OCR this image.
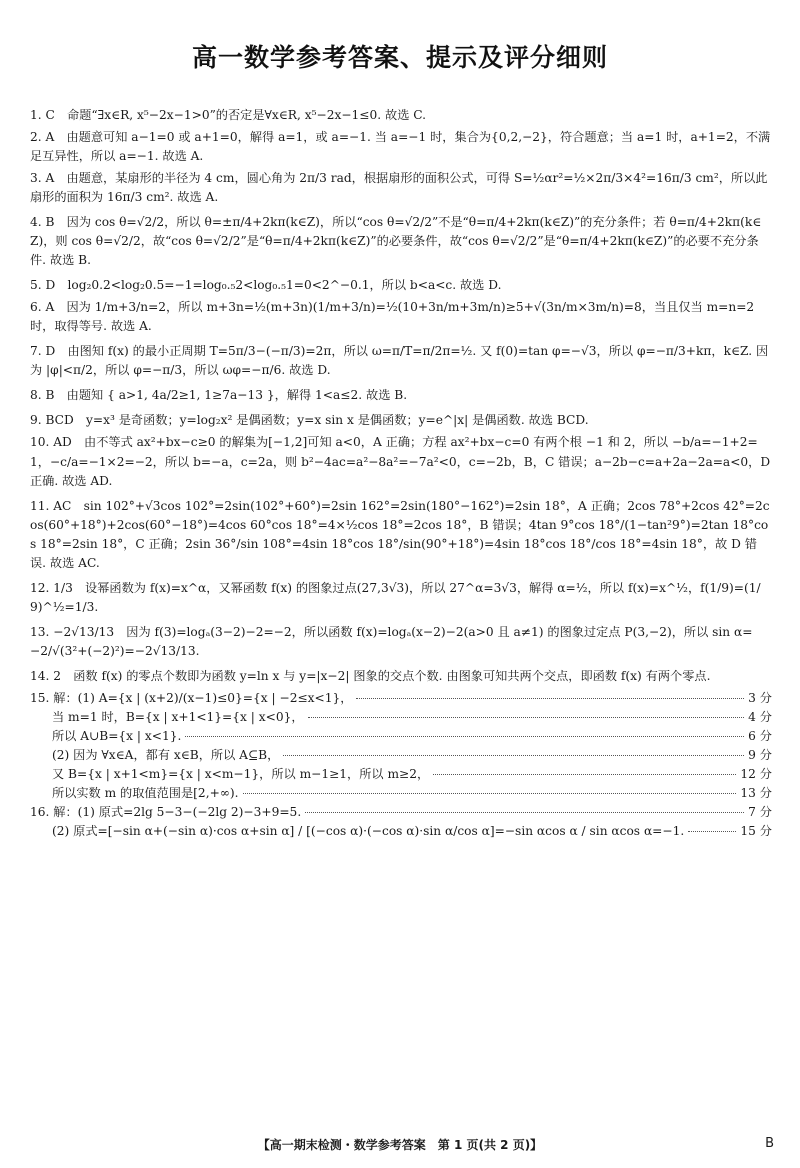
高一数学参考答案、提示及评分细则
1. C　命题“∃x∈R, x⁵−2x−1>0”的否定是∀x∈R, x⁵−2x−1≤0. 故选 C.
2. A　由题意可知 a−1=0 或 a+1=0，解得 a=1，或 a=−1. 当 a=−1 时，集合为{0,2,−2}，符合题意；当 a=1 时，a+1=2，不满足互异性，所以 a=−1. 故选 A.
3. A　由题意，某扇形的半径为 4 cm，圆心角为 2π/3 rad，根据扇形的面积公式，可得 S=½αr²=½×2π/3×4²=16π/3 cm²，所以此扇形的面积为 16π/3 cm². 故选 A.
4. B　因为 cos θ=√2/2，所以 θ=±π/4+2kπ(k∈Z)，所以“cos θ=√2/2”不是“θ=π/4+2kπ(k∈Z)”的充分条件；若 θ=π/4+2kπ(k∈Z)，则 cos θ=√2/2，故“cos θ=√2/2”是“θ=π/4+2kπ(k∈Z)”的必要条件，故“cos θ=√2/2”是“θ=π/4+2kπ(k∈Z)”的必要不充分条件. 故选 B.
5. D　log₂0.2<log₂0.5=−1=log₀.₅2<log₀.₅1=0<2^−0.1，所以 b<a<c. 故选 D.
6. A　因为 1/m+3/n=2，所以 m+3n=½(m+3n)(1/m+3/n)=½(10+3n/m+3m/n)≥5+√(3n/m×3m/n)=8，当且仅当 m=n=2 时，取得等号. 故选 A.
7. D　由图知 f(x) 的最小正周期 T=5π/3−(−π/3)=2π，所以 ω=π/T=π/2π=½. 又 f(0)=tan φ=−√3，所以 φ=−π/3+kπ，k∈Z. 因为 |φ|<π/2，所以 φ=−π/3，所以 ωφ=−π/6. 故选 D.
8. B　由题知 { a>1, 4a/2≥1, 1≥7a−13 }，解得 1<a≤2. 故选 B.
9. BCD　y=x³ 是奇函数；y=log₂x² 是偶函数；y=x sin x 是偶函数；y=e^|x| 是偶函数. 故选 BCD.
10. AD　由不等式 ax²+bx−c≥0 的解集为[−1,2]可知 a<0，A 正确；方程 ax²+bx−c=0 有两个根 −1 和 2，所以 −b/a=−1+2=1，−c/a=−1×2=−2，所以 b=−a，c=2a，则 b²−4ac=a²−8a²=−7a²<0，c=−2b，B，C 错误；a−2b−c=a+2a−2a=a<0，D 正确. 故选 AD.
11. AC　sin 102°+√3cos 102°=2sin(102°+60°)=2sin 162°=2sin(180°−162°)=2sin 18°，A 正确；2cos 78°+2cos 42°=2cos(60°+18°)+2cos(60°−18°)=4cos 60°cos 18°=4×½cos 18°=2cos 18°，B 错误；4tan 9°cos 18°/(1−tan²9°)=2tan 18°cos 18°=2sin 18°，C 正确；2sin 36°/sin 108°=4sin 18°cos 18°/sin(90°+18°)=4sin 18°cos 18°/cos 18°=4sin 18°，故 D 错误. 故选 AC.
12. 1/3　设幂函数为 f(x)=x^α，又幂函数 f(x) 的图象过点(27,3√3)，所以 27^α=3√3，解得 α=½，所以 f(x)=x^½，f(1/9)=(1/9)^½=1/3.
13. −2√13/13　因为 f(3)=logₐ(3−2)−2=−2，所以函数 f(x)=logₐ(x−2)−2(a>0 且 a≠1) 的图象过定点 P(3,−2)，所以 sin α=−2/√(3²+(−2)²)=−2√13/13.
14. 2　函数 f(x) 的零点个数即为函数 y=ln x 与 y=|x−2| 图象的交点个数. 由图象可知共两个交点，即函数 f(x) 有两个零点.
15. 解：(1) A={x | (x+2)/(x−1)≤0}={x | −2≤x<1}，	3 分
当 m=1 时，B={x | x+1<1}={x | x<0}，	4 分
所以 A∪B={x | x<1}.	6 分
(2) 因为 ∀x∈A，都有 x∈B，所以 A⊆B，	9 分
又 B={x | x+1<m}={x | x<m−1}，所以 m−1≥1，所以 m≥2，	12 分
所以实数 m 的取值范围是[2,+∞).	13 分
16. 解：(1) 原式=2lg 5−3−(−2lg 2)−3+9=5.	7 分
(2) 原式=[−sin α+(−sin α)·cos α+sin α] / [(−cos α)·(−cos α)·sin α/cos α]=−sin αcos α / sin αcos α=−1.	15 分
【高一期末检测・数学参考答案　第 1 页(共 2 页)】	B
